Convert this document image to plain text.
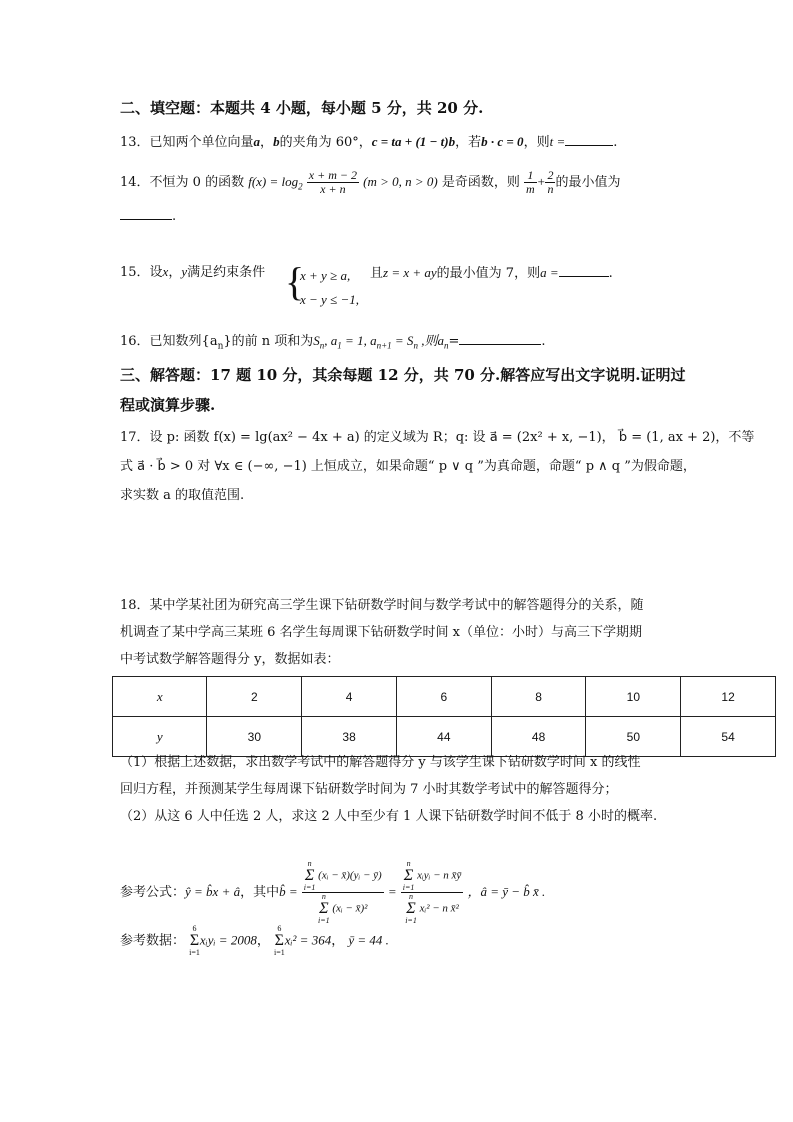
二、填空题：本题共 4 小题，每小题 5 分，共 20 分.
13．已知两个单位向量a，b的夹角为 60°，c = ta + (1 − t)b，若b · c = 0，则t =	.
14．不恒为 0 的函数 $f(x) = \log_2 \frac{x + m - 2}{x + n} (m > 0$, n > 0) 是奇函数，则 $\frac{1}{m} + \frac{2}{n}$ 的最小值为
.
15．设x，y满足约束条件 {
x + y ≥ a,
x − y ≤ −1,
且z = x + ay的最小值为 7，则a =	.
16．已知数列$\{a_n\}$的前 n 项和为$S_n$, $a_1 = 1$, $a_{n+1} = S_n$ ,则$a_n=$	.
三、解答题：17 题 10 分，其余每题 12 分，共 70 分.解答应写出文字说明.证明过
程或演算步骤.
17．设 p: 函数 f(x) = lg(ax² − 4x + a) 的定义域为 R；q: 设 a⃗ = (2x² + x, −1)， b⃗ = (1, ax + 2)，不等
式 a⃗ · b⃗ > 0 对 ∀x ∈ (−∞, −1) 上恒成立，如果命题“ p ∨ q ”为真命题，命题“ p ∧ q ”为假命题，
求实数 a 的取值范围.
18．某中学某社团为研究高三学生课下钻研数学时间与数学考试中的解答题得分的关系，随
机调查了某中学高三某班 6 名学生每周课下钻研数学时间 x（单位：小时）与高三下学期期
中考试数学解答题得分 y，数据如表：
x	2	4	6	8	10	12
y	30	38	44	48	50	54
（1）根据上述数据，求出数学考试中的解答题得分 y 与该学生课下钻研数学时间 x 的线性
回归方程，并预测某学生每周课下钻研数学时间为 7 小时其数学考试中的解答题得分；
（2）从这 6 人中任选 2 人，求这 2 人中至少有 1 人课下钻研数学时间不低于 8 小时的概率.
参考公式：ŷ = b̂x + â，其中b̂ = n
Σ
i=1 (xᵢ − x̄)(yᵢ − ȳ)
n
Σ
i=1 (xᵢ − x̄)² = n
Σ
i=1 xᵢyᵢ − n x̄ȳ
n
Σ
i=1 xᵢ² − n x̄² ，â = ȳ − b̂ x̄ .
参考数据： 6
Σ
i=1xᵢyᵢ = 2008， 6
Σ
i=1xᵢ² = 364， ȳ = 44 .
